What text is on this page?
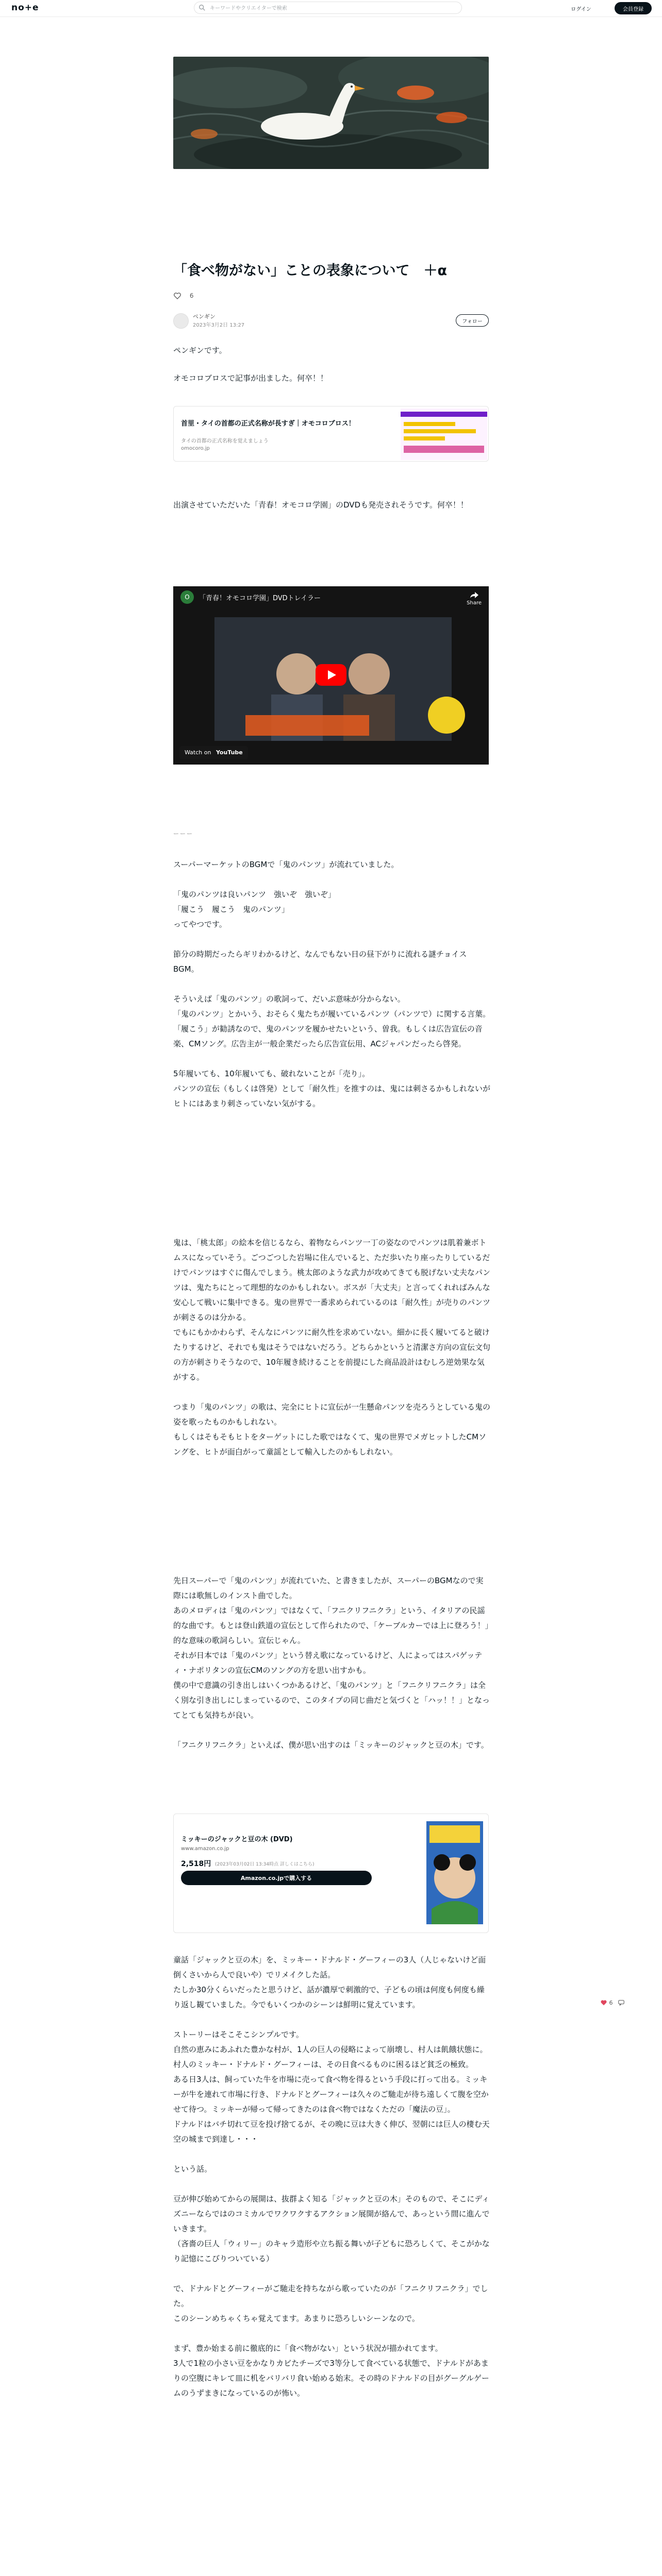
no+e
キーワードやクリエイターで検索	ログイン	会員登録
「食べ物がない」ことの表象について　＋α
6
ペンギン
2023年3月2日 13:27
フォロー
ペンギンです。
オモコロブロスで記事が出ました。何卒！！
首里・タイの首都の正式名称が長すぎ｜オモコロブロス！
タイの首都の正式名称を覚えましょう
omocoro.jp
出演させていただいた「青春！オモコロ学園」のDVDも発売されそうです。何卒！！
O	「青春！オモコロ学園」DVDトレイラー
Share
Watch on YouTube
ーーー
スーパーマーケットのBGMで「鬼のパンツ」が流れていました。

「鬼のパンツは良いパンツ　強いぞ　強いぞ」
「履こう　履こう　鬼のパンツ」
ってやつです。

節分の時期だったらギリわかるけど、なんでもない日の昼下がりに流れる謎チョイスBGM。

そういえば「鬼のパンツ」の歌詞って、だいぶ意味が分からない。
「鬼のパンツ」とかいう、おそらく鬼たちが履いているパンツ（パンツで）に関する言葉。
「履こう」が勧誘なので、鬼のパンツを履かせたいという、曽我。もしくは広告宣伝の音楽、CMソング。広告主が一般企業だったら広告宣伝用、ACジャパンだったら啓発。

5年履いても、10年履いても、破れないことが「売り」。
パンツの宣伝（もしくは啓発）として「耐久性」を推すのは、鬼には刺さるかもしれないがヒトにはあまり刺さっていない気がする。
鬼は、「桃太郎」の絵本を信じるなら、着物ならパンツ一丁の姿なのでパンツは肌着兼ボトムスになっていそう。ごつごつした岩場に住んでいると、ただ歩いたり座ったりしているだけでパンツはすぐに傷んでしまう。桃太郎のような武力が攻めてきても脱げない丈夫なパンツは、鬼たちにとって理想的なのかもしれない。ボスが「大丈夫」と言ってくれればみんな安心して戦いに集中できる。鬼の世界で一番求められているのは「耐久性」が売りのパンツが刺さるのは分かる。
でもにもかかわらず、そんなにパンツに耐久性を求めていない。細かに長く履いてると破けたりするけど、それでも鬼はそうではないだろう。どちらかというと清潔さ方向の宣伝文句の方が刺さりそうなので、10年履き続けることを前提にした商品設計はむしろ逆効果な気がする。

つまり「鬼のパンツ」の歌は、完全にヒトに宣伝が一生懸命パンツを売ろうとしている鬼の姿を歌ったものかもしれない。
もしくはそもそもヒトをターゲットにした歌ではなくて、鬼の世界でメガヒットしたCMソングを、ヒトが面白がって童謡として輸入したのかもしれない。
先日スーパーで「鬼のパンツ」が流れていた、と書きましたが、スーパーのBGMなので実際には歌無しのインスト曲でした。
あのメロディは「鬼のパンツ」ではなくて、「フニクリフニクラ」という、イタリアの民謡的な曲です。もとは登山鉄道の宣伝として作られたので、「ケーブルカーでは上に登ろう！」的な意味の歌詞らしい。宣伝じゃん。
それが日本では「鬼のパンツ」という替え歌になっているけど、人によってはスパゲッティ・ナポリタンの宣伝CMのソングの方を思い出すかも。
僕の中で意識の引き出しはいくつかあるけど、「鬼のパンツ」と「フニクリフニクラ」は全く別な引き出しにしまっているので、このタイプの同じ曲だと気づくと「ハッ！！」となってとても気持ちが良い。

「フニクリフニクラ」といえば、僕が思い出すのは「ミッキーのジャックと豆の木」です。
ミッキーのジャックと豆の木 (DVD)
www.amazon.co.jp
2,518円 (2023年03月02日 13:34時点 詳しくはこちら)
Amazon.co.jpで購入する
童話「ジャックと豆の木」を、ミッキー・ドナルド・グーフィーの3人（人じゃないけど面倒くさいから人で良いや）でリメイクした話。
たしか30分くらいだったと思うけど、話が濃厚で刺激的で、子どもの頃は何度も何度も繰り返し観ていました。今でもいくつかのシーンは鮮明に覚えています。

ストーリーはそこそこシンプルです。
自然の恵みにあふれた豊かな村が、1人の巨人の侵略によって崩壊し、村人は飢餓状態に。
村人のミッキー・ドナルド・グーフィーは、その日食べるものに困るほど貧乏の極致。
ある日3人は、飼っていた牛を市場に売って食べ物を得るという手段に打って出る。ミッキーが牛を連れて市場に行き、ドナルドとグーフィーは久々のご馳走が待ち遠しくて腹を空かせて待つ。ミッキーが帰って帰ってきたのは食べ物ではなくただの「魔法の豆」。
ドナルドはバチ切れて豆を投げ捨てるが、その晩に豆は大きく伸び、翌朝には巨人の棲む天空の城まで到達し・・・

という話。

豆が伸び始めてからの展開は、抜群よく知る「ジャックと豆の木」そのもので、そこにディズニーならではのコミカルでワクワクするアクション展開が絡んで、あっという間に進んでいきます。
（吝嗇の巨人「ウィリー」のキャラ造形や立ち振る舞いが子どもに恐ろしくて、そこがかなり記憶にこびりついている）

で、ドナルドとグーフィーがご馳走を持ちながら歌っていたのが「フニクリフニクラ」でした。
このシーンめちゃくちゃ覚えてます。あまりに恐ろしいシーンなので。

まず、豊か始まる前に徹底的に「食べ物がない」という状況が描かれてます。
3人で1粒の小さい豆をかなりカビたチーズで3等分して食べている状態で、ドナルドがあまりの空腹にキレて皿に机をバリバリ食い始める始末。その時のドナルドの目がグーグルゲームのうずまきになっているのが怖い。
6
